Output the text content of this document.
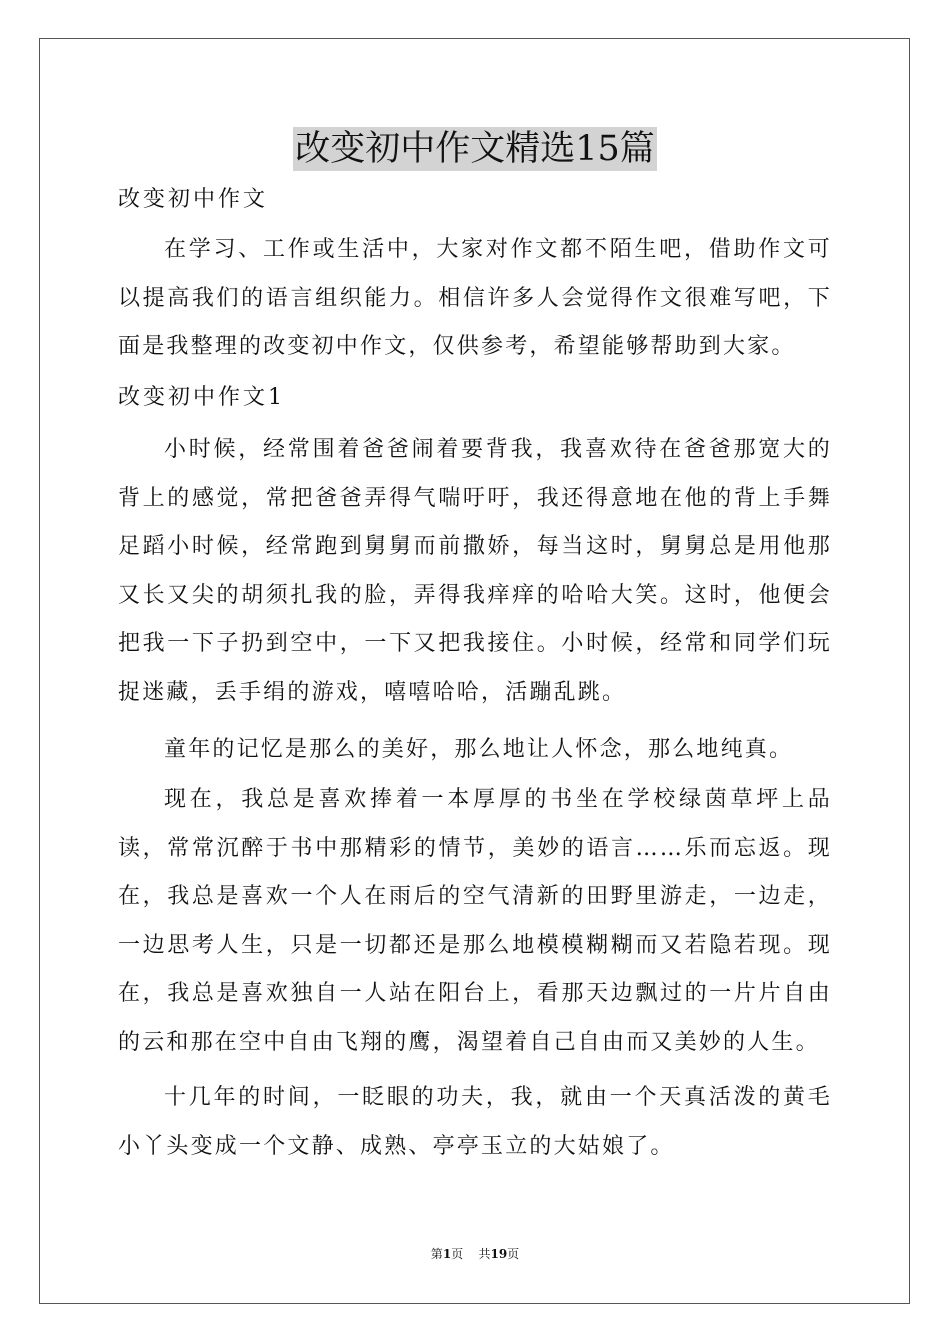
改变初中作文精选15篇
改变初中作文

在学习、工作或生活中，大家对作文都不陌生吧，借助作文可以提高我们的语言组织能力。相信许多人会觉得作文很难写吧，下面是我整理的改变初中作文，仅供参考，希望能够帮助到大家。

改变初中作文1

小时候，经常围着爸爸闹着要背我，我喜欢待在爸爸那宽大的背上的感觉，常把爸爸弄得气喘吁吁，我还得意地在他的背上手舞足蹈小时候，经常跑到舅舅而前撒娇，每当这时，舅舅总是用他那又长又尖的胡须扎我的脸，弄得我痒痒的哈哈大笑。这时，他便会把我一下子扔到空中，一下又把我接住。小时候，经常和同学们玩捉迷藏，丢手绢的游戏，嘻嘻哈哈，活蹦乱跳。

童年的记忆是那么的美好，那么地让人怀念，那么地纯真。

现在，我总是喜欢捧着一本厚厚的书坐在学校绿茵草坪上品读，常常沉醉于书中那精彩的情节，美妙的语言……乐而忘返。现在，我总是喜欢一个人在雨后的空气清新的田野里游走，一边走，一边思考人生，只是一切都还是那么地模模糊糊而又若隐若现。现在，我总是喜欢独自一人站在阳台上，看那天边飘过的一片片自由的云和那在空中自由飞翔的鹰，渴望着自己自由而又美妙的人生。

十几年的时间，一眨眼的功夫，我，就由一个天真活泼的黄毛小丫头变成一个文静、成熟、亭亭玉立的大姑娘了。

第1页 共19页
